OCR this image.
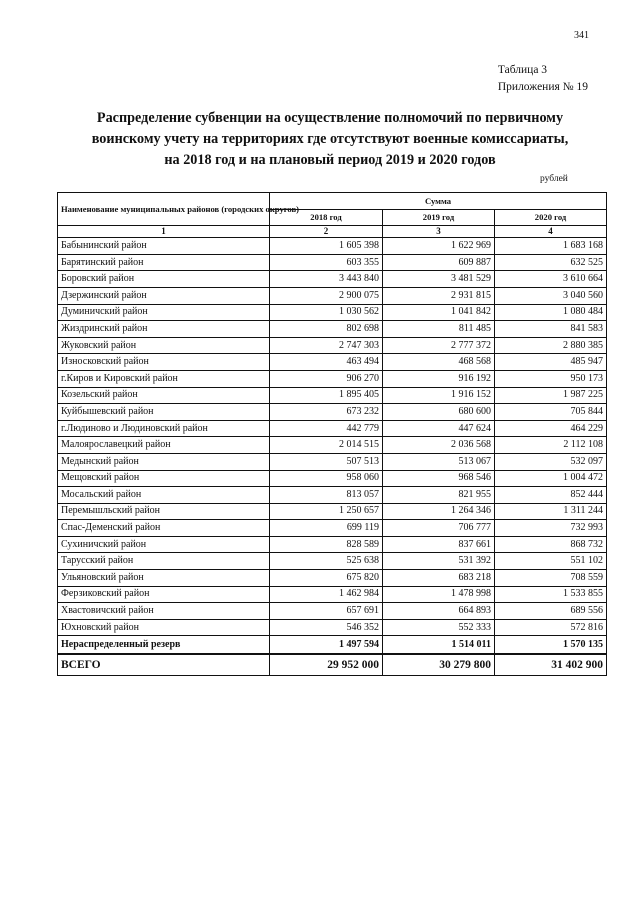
341
Таблица 3
Приложения № 19
Распределение субвенции на осуществление полномочий по первичному
воинскому учету на территориях где отсутствуют военные комиссариаты,
на 2018 год и на плановый период 2019 и 2020 годов
рублей
Наименование муниципальных районов (городских округов)	Сумма		
	2018 год	2019 год	2020 год
1	2	3	4
Бабынинский район	1 605 398	1 622 969	1 683 168
Барятинский район	603 355	609 887	632 525
Боровский район	3 443 840	3 481 529	3 610 664
Дзержинский район	2 900 075	2 931 815	3 040 560
Думиничский район	1 030 562	1 041 842	1 080 484
Жиздринский район	802 698	811 485	841 583
Жуковский район	2 747 303	2 777 372	2 880 385
Износковский район	463 494	468 568	485 947
г.Киров и Кировский район	906 270	916 192	950 173
Козельский район	1 895 405	1 916 152	1 987 225
Куйбышевский район	673 232	680 600	705 844
г.Людиново и Людиновский район	442 779	447 624	464 229
Малоярославецкий район	2 014 515	2 036 568	2 112 108
Медынский район	507 513	513 067	532 097
Мещовский район	958 060	968 546	1 004 472
Мосальский район	813 057	821 955	852 444
Перемышльский район	1 250 657	1 264 346	1 311 244
Спас-Деменский район	699 119	706 777	732 993
Сухиничский район	828 589	837 661	868 732
Тарусский район	525 638	531 392	551 102
Ульяновский район	675 820	683 218	708 559
Ферзиковский район	1 462 984	1 478 998	1 533 855
Хвастовичский район	657 691	664 893	689 556
Юхновский район	546 352	552 333	572 816
Нераспределенный резерв	1 497 594	1 514 011	1 570 135
ВСЕГО	29 952 000	30 279 800	31 402 900
